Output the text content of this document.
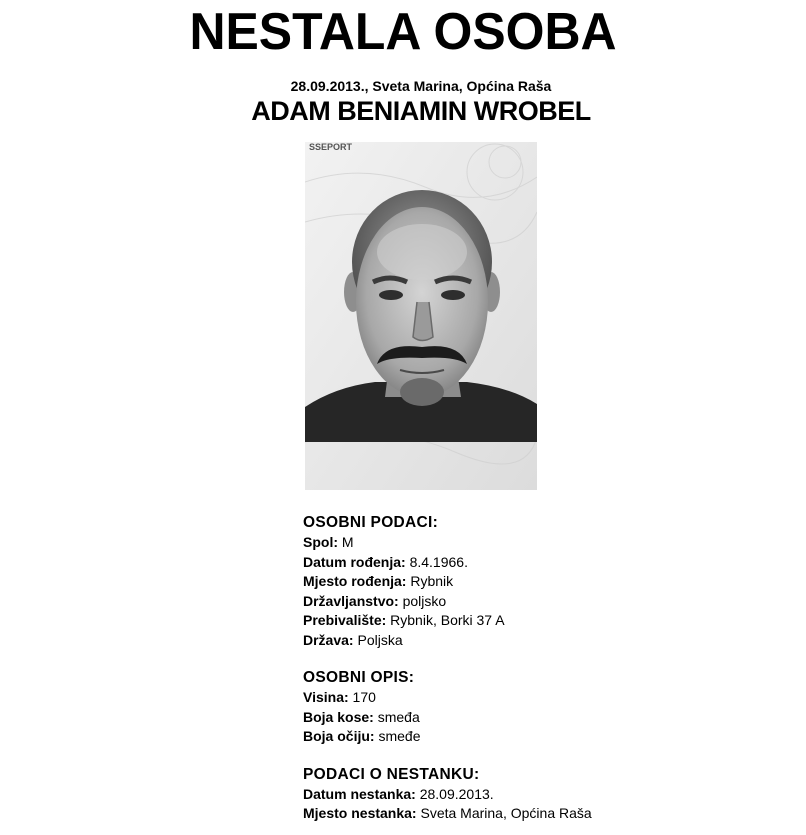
NESTALA OSOBA
28.09.2013., Sveta Marina, Općina Raša
ADAM BENIAMIN WROBEL
SSEPORT
OSOBNI PODACI:
Spol: M
Datum rođenja: 8.4.1966.
Mjesto rođenja: Rybnik
Državljanstvo: poljsko
Prebivalište: Rybnik, Borki 37 A
Država: Poljska
OSOBNI OPIS:
Visina: 170
Boja kose: smeđa
Boja očiju: smeđe
PODACI O NESTANKU:
Datum nestanka: 28.09.2013.
Mjesto nestanka: Sveta Marina, Općina Raša
